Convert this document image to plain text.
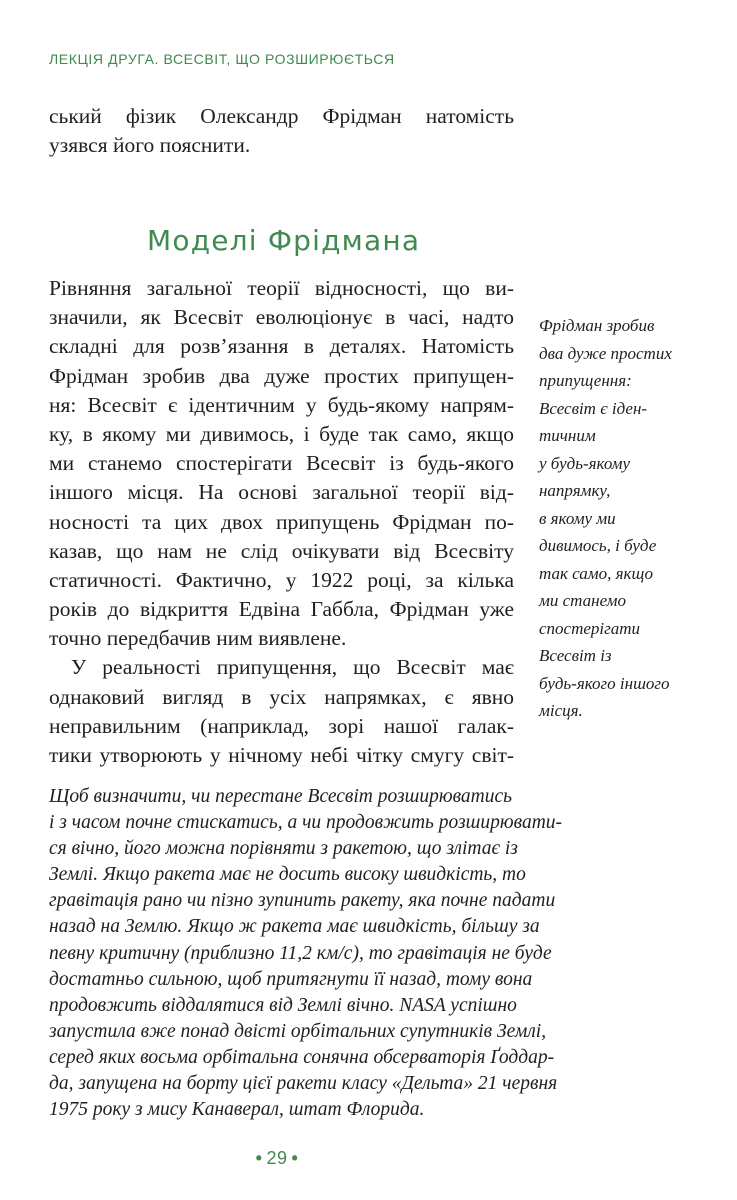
ЛЕКЦІЯ ДРУГА. ВСЕСВІТ, ЩО РОЗШИРЮЄТЬСЯ
ський фізик Олександр Фрідман натомість
узявся його пояснити.
Моделі Фрідмана
Рівняння загальної теорії відносності, що ви-
значили, як Всесвіт еволюціонує в часі, надто
складні для розв’язання в деталях. Натомість
Фрідман зробив два дуже простих припущен-
ня: Всесвіт є ідентичним у будь-якому напрям-
ку, в якому ми дивимось, і буде так само, якщо
ми станемо спостерігати Всесвіт із будь-якого
іншого місця. На основі загальної теорії від-
носності та цих двох припущень Фрідман по-
казав, що нам не слід очікувати від Всесвіту
статичності. Фактично, у 1922 році, за кілька
років до відкриття Едвіна Габбла, Фрідман уже
точно передбачив ним виявлене.
У реальності припущення, що Всесвіт має
однаковий вигляд в усіх напрямках, є явно
неправильним (наприклад, зорі нашої галак-
тики утворюють у нічному небі чітку смугу світ-
Фрідман зробив
два дуже простих
припущення:
Всесвіт є іден-
тичним
у будь-якому
напрямку,
в якому ми
дивимось, і буде
так само, якщо
ми станемо
спостерігати
Всесвіт із
будь-якого іншого
місця.
Щоб визначити, чи перестане Всесвіт розширюватись
і з часом почне стискатись, а чи продовжить розширювати-
ся вічно, його можна порівняти з ракетою, що злітає із
Землі. Якщо ракета має не досить високу швидкість, то
гравітація рано чи пізно зупинить ракету, яка почне падати
назад на Землю. Якщо ж ракета має швидкість, більшу за
певну критичну (приблизно 11,2 км/с), то гравітація не буде
достатньо сильною, щоб притягнути її назад, тому вона
продовжить віддалятися від Землі вічно. NASA успішно
запустила вже понад двісті орбітальних супутників Землі,
серед яких восьма орбітальна сонячна обсерваторія Ґоддар-
да, запущена на борту цієї ракети класу «Дельта» 21 червня
1975 року з мису Канаверал, штат Флорида.
• 29 •
